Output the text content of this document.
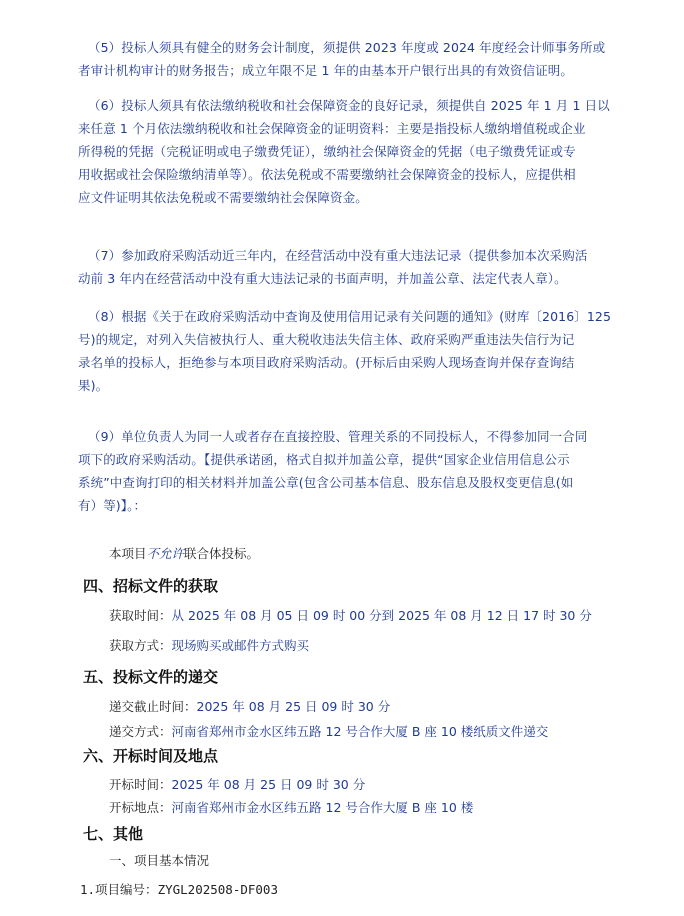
（5）投标人须具有健全的财务会计制度，须提供 2023 年度或 2024 年度经会计师事务所或
者审计机构审计的财务报告；成立年限不足 1 年的由基本开户银行出具的有效资信证明。
（6）投标人须具有依法缴纳税收和社会保障资金的良好记录，须提供自 2025 年 1 月 1 日以
来任意 1 个月依法缴纳税收和社会保障资金的证明资料：主要是指投标人缴纳增值税或企业
所得税的凭据（完税证明或电子缴费凭证），缴纳社会保障资金的凭据（电子缴费凭证或专
用收据或社会保险缴纳清单等）。依法免税或不需要缴纳社会保障资金的投标人，应提供相
应文件证明其依法免税或不需要缴纳社会保障资金。
（7）参加政府采购活动近三年内，在经营活动中没有重大违法记录（提供参加本次采购活
动前 3 年内在经营活动中没有重大违法记录的书面声明，并加盖公章、法定代表人章）。
（8）根据《关于在政府采购活动中查询及使用信用记录有关问题的通知》(财库〔2016〕125
号)的规定，对列入失信被执行人、重大税收违法失信主体、政府采购严重违法失信行为记
录名单的投标人，拒绝参与本项目政府采购活动。(开标后由采购人现场查询并保存查询结
果)。
（9）单位负责人为同一人或者存在直接控股、管理关系的不同投标人，不得参加同一合同
项下的政府采购活动。【提供承诺函，格式自拟并加盖公章，提供“国家企业信用信息公示
系统”中查询打印的相关材料并加盖公章(包含公司基本信息、股东信息及股权变更信息(如
有）等)】。：
本项目不允许联合体投标。
四、招标文件的获取
获取时间：从 2025 年 08 月 05 日 09 时 00 分到 2025 年 08 月 12 日 17 时 30 分
获取方式：现场购买或邮件方式购买
五、投标文件的递交
递交截止时间：2025 年 08 月 25 日 09 时 30 分
递交方式：河南省郑州市金水区纬五路 12 号合作大厦 B 座 10 楼纸质文件递交
六、开标时间及地点
开标时间：2025 年 08 月 25 日 09 时 30 分
开标地点：河南省郑州市金水区纬五路 12 号合作大厦 B 座 10 楼
七、其他
一、项目基本情况
1.项目编号：ZYGL202508-DF003
